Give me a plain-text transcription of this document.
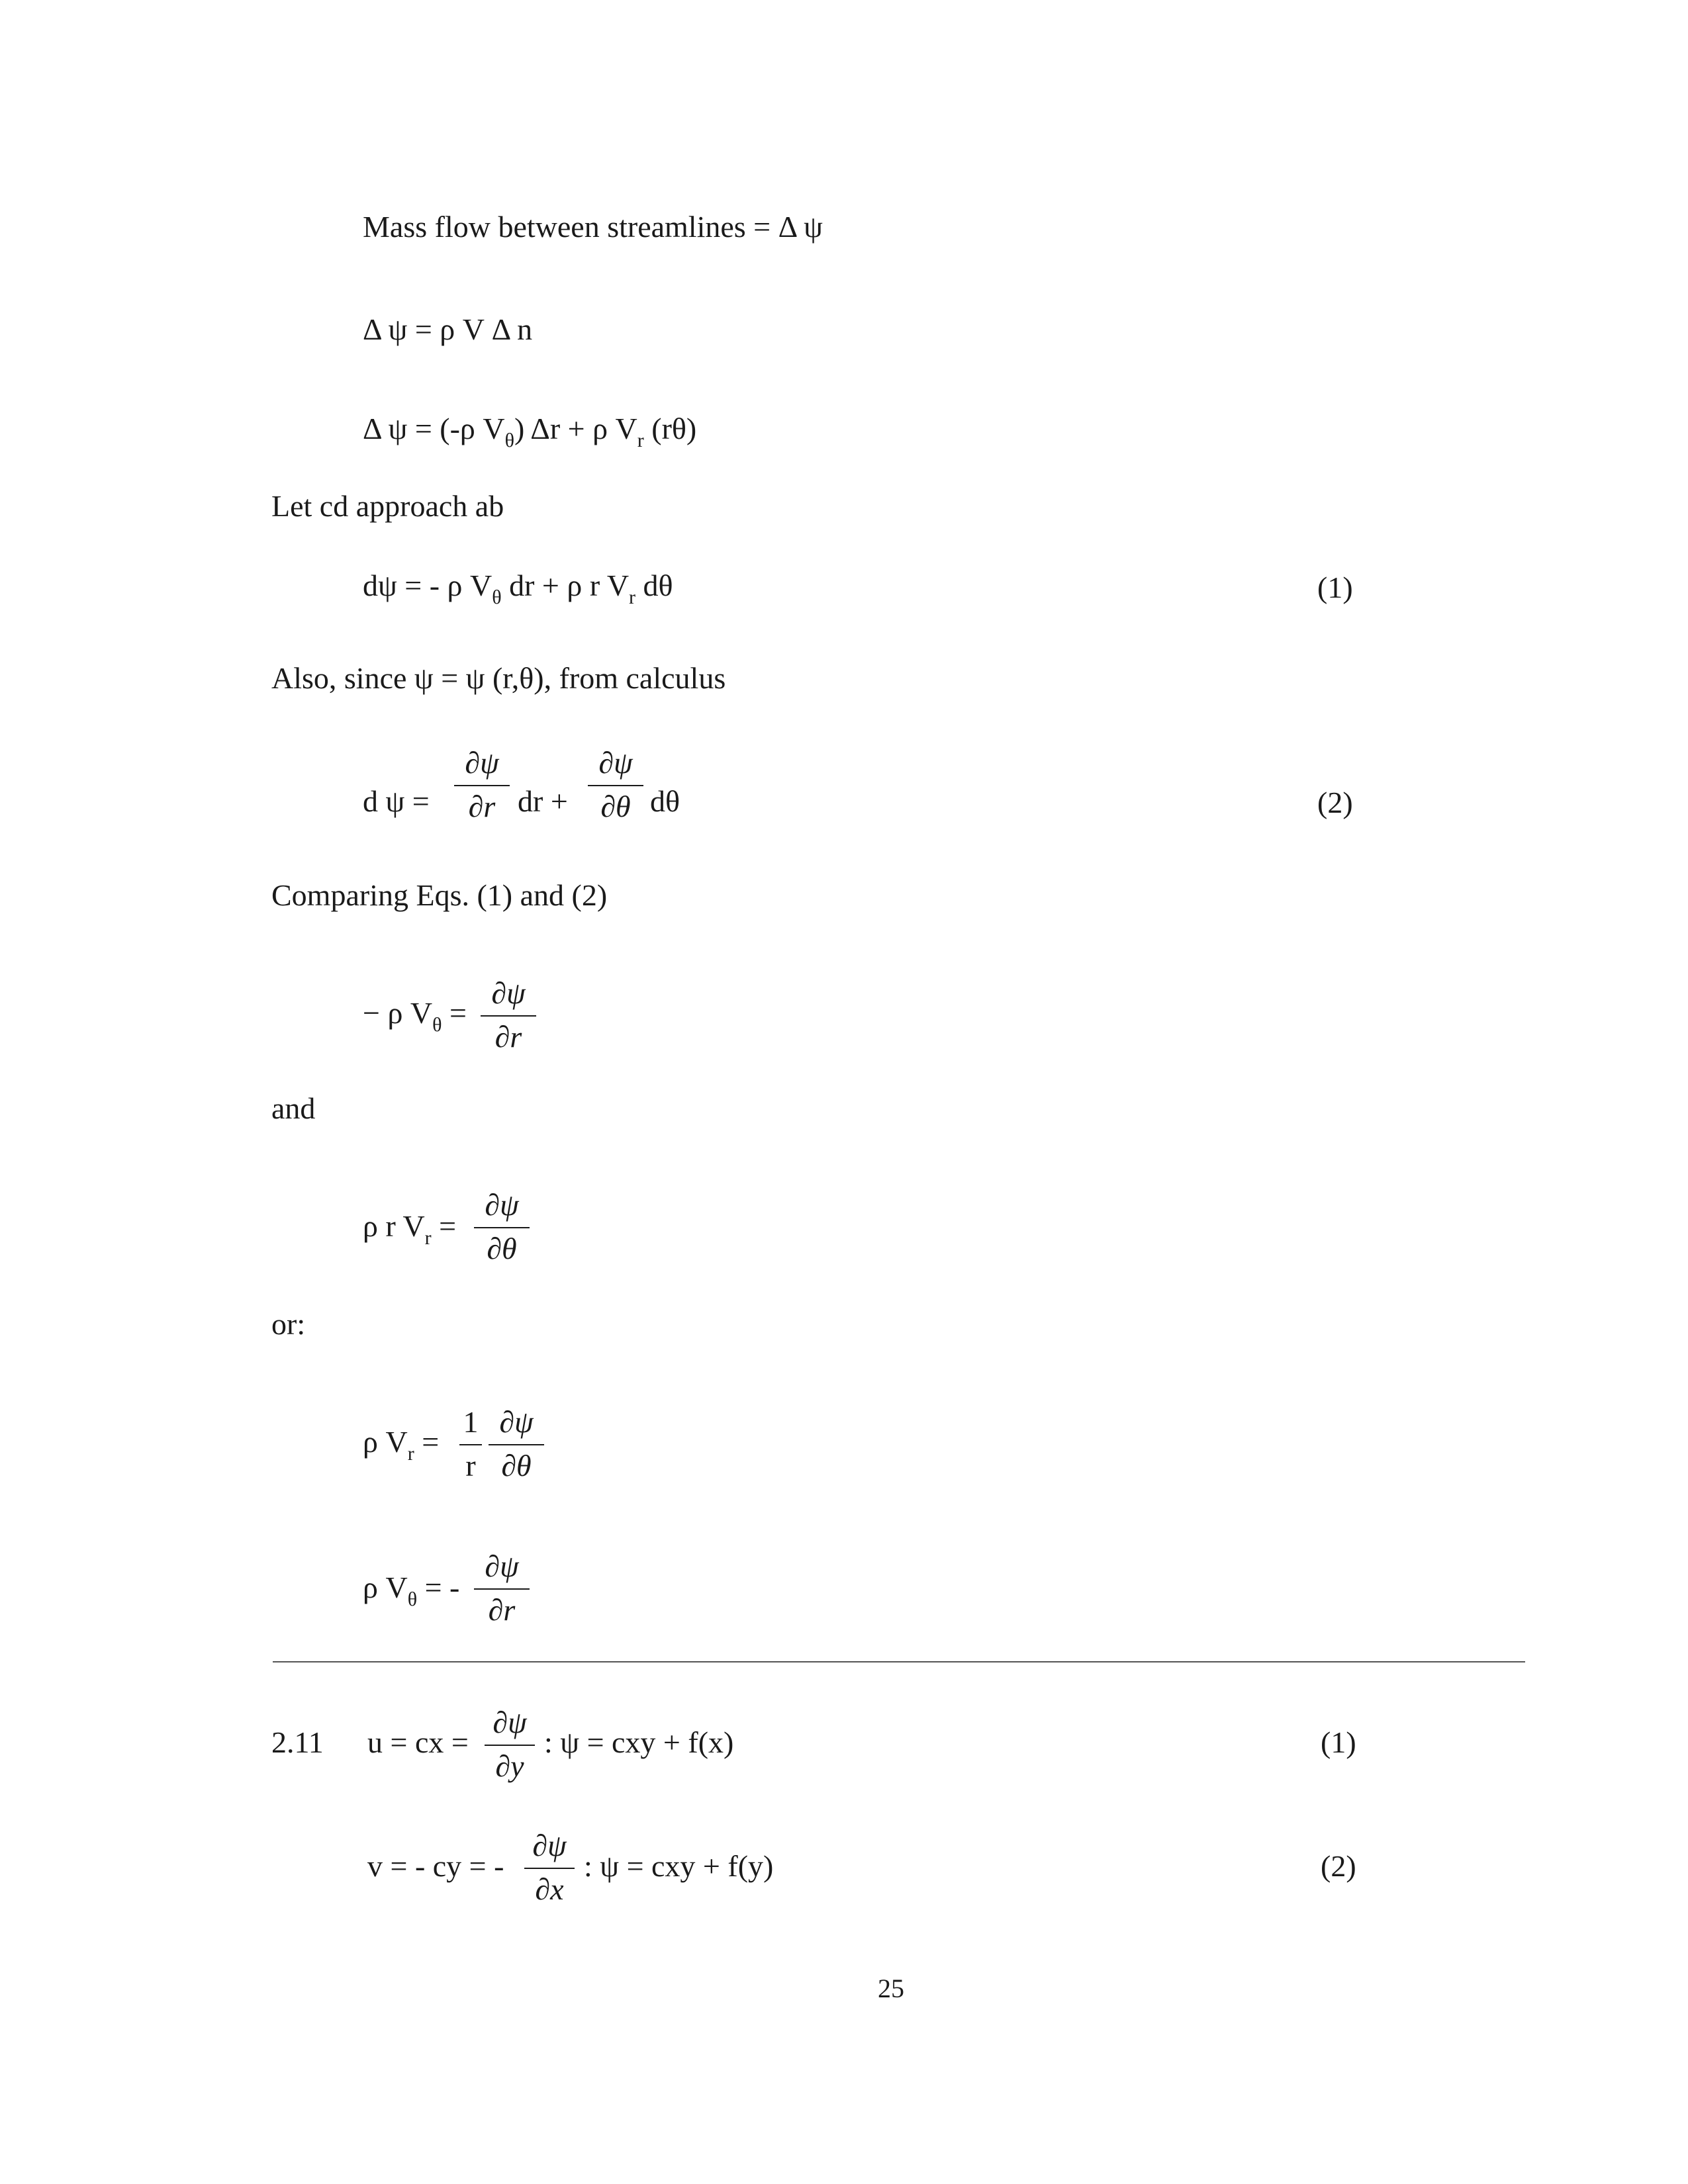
Mass flow between streamlines = Δ ψ
Δ ψ = ρ V Δ n
Δ ψ = (-ρ $V_\theta$) Δr + ρ $V_r$ (rθ)
Let cd approach ab
dψ = - ρ $V_\theta$ dr + ρ r $V_r$ dθ	(1)
Also, since ψ = ψ (r,θ), from calculus
d ψ =
∂ψ
∂r dr +
∂ψ
∂θ dθ	(2)
Comparing Eqs. (1) and (2)
− ρ $V_\theta$ =
∂ψ
∂r
and
ρ r $V_r$ =
∂ψ
∂θ
or:
ρ $V_r$ =
1
r
∂ψ
∂θ
ρ $V_\theta$ = -
∂ψ
∂r
2.11 u = cx =
∂ψ
∂y
: ψ = cxy + f(x)	(1)
v = - cy = -
∂ψ
∂x
: ψ = cxy + f(y)	(2)
25
